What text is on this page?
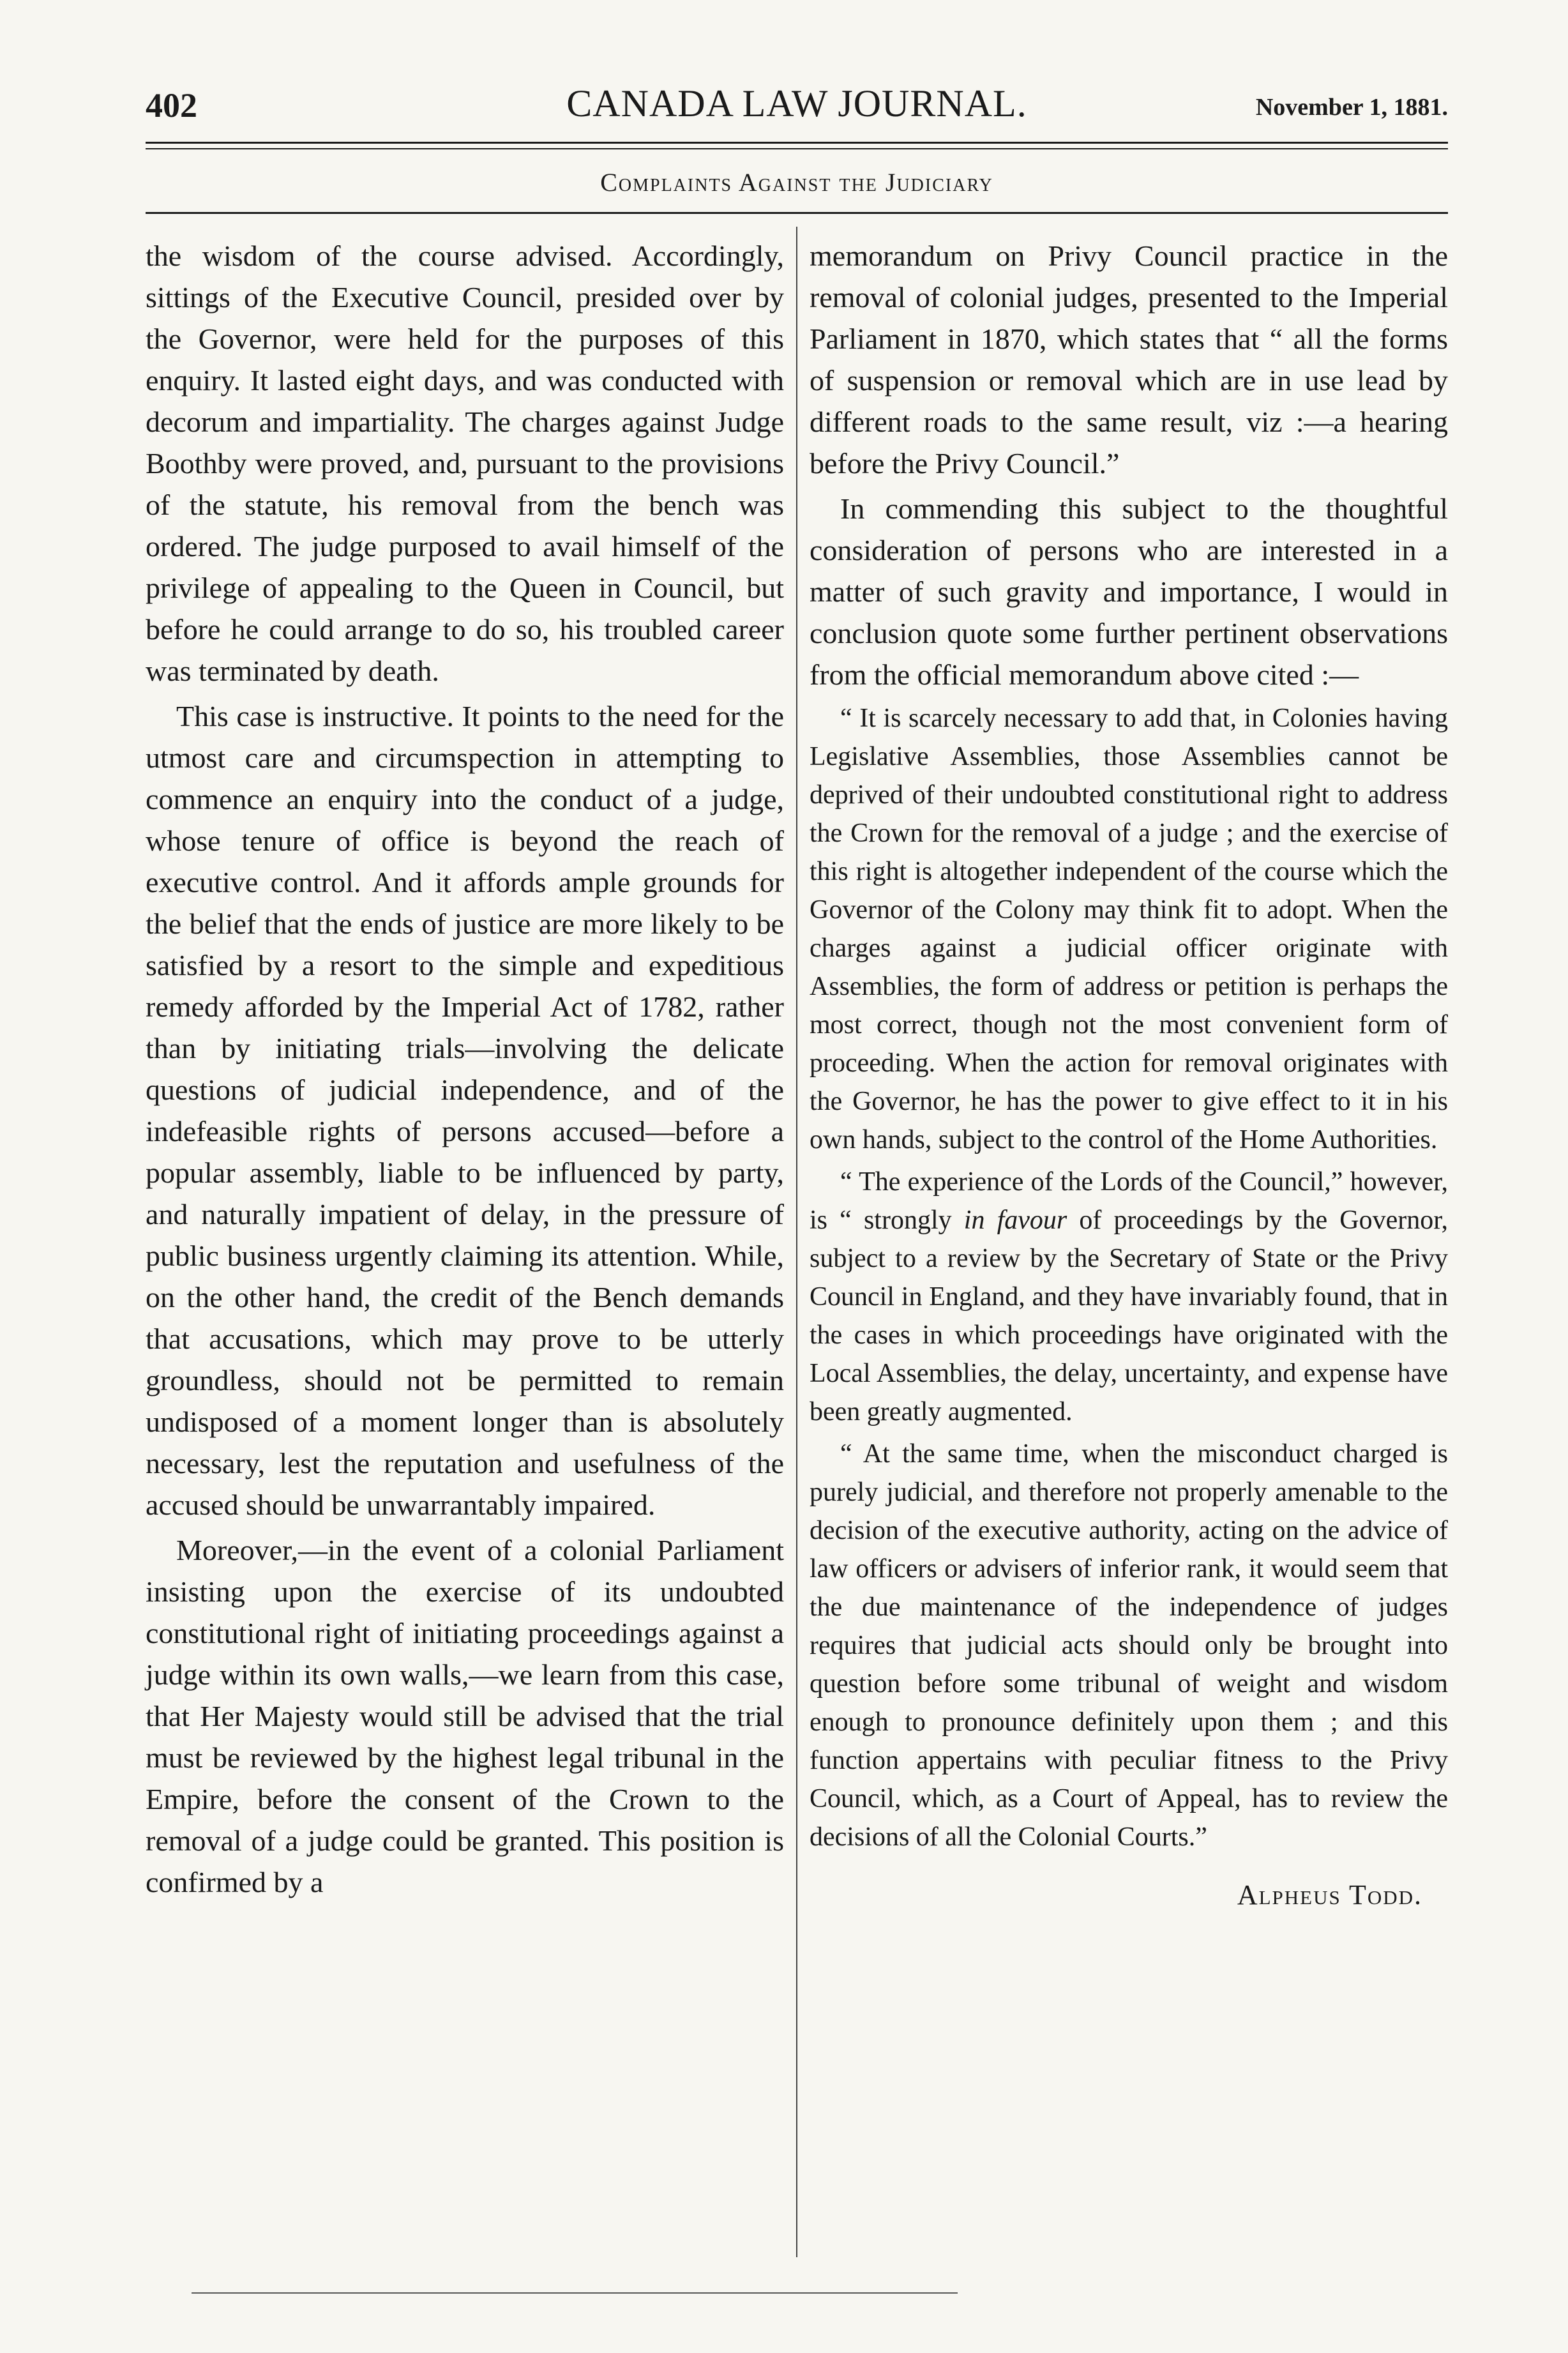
402	CANADA LAW JOURNAL.	November 1, 1881.
Complaints Against the Judiciary

the wisdom of the course advised. Accordingly, sittings of the Executive Council, presided over by the Governor, were held for the purposes of this enquiry. It lasted eight days, and was conducted with decorum and impartiality. The charges against Judge Boothby were proved, and, pursuant to the provisions of the statute, his removal from the bench was ordered. The judge purposed to avail himself of the privilege of appealing to the Queen in Council, but before he could arrange to do so, his troubled career was terminated by death.

This case is instructive. It points to the need for the utmost care and circumspection in attempting to commence an enquiry into the conduct of a judge, whose tenure of office is beyond the reach of executive control. And it affords ample grounds for the belief that the ends of justice are more likely to be satisfied by a resort to the simple and expeditious remedy afforded by the Imperial Act of 1782, rather than by initiating trials—involving the delicate questions of judicial independence, and of the indefeasible rights of persons accused—before a popular assembly, liable to be influenced by party, and naturally impatient of delay, in the pressure of public business urgently claiming its attention. While, on the other hand, the credit of the Bench demands that accusations, which may prove to be utterly groundless, should not be permitted to remain undisposed of a moment longer than is absolutely necessary, lest the reputation and usefulness of the accused should be unwarrantably impaired.

Moreover,—in the event of a colonial Parliament insisting upon the exercise of its undoubted constitutional right of initiating proceedings against a judge within its own walls,—we learn from this case, that Her Majesty would still be advised that the trial must be reviewed by the highest legal tribunal in the Empire, before the consent of the Crown to the removal of a judge could be granted. This position is confirmed by a

memorandum on Privy Council practice in the removal of colonial judges, presented to the Imperial Parliament in 1870, which states that “ all the forms of suspension or removal which are in use lead by different roads to the same result, viz :—a hearing before the Privy Council.”

In commending this subject to the thoughtful consideration of persons who are interested in a matter of such gravity and importance, I would in conclusion quote some further pertinent observations from the official memorandum above cited :—

“ It is scarcely necessary to add that, in Colonies having Legislative Assemblies, those Assemblies cannot be deprived of their undoubted constitutional right to address the Crown for the removal of a judge ; and the exercise of this right is altogether independent of the course which the Governor of the Colony may think fit to adopt. When the charges against a judicial officer originate with Assemblies, the form of address or petition is perhaps the most correct, though not the most convenient form of proceeding. When the action for removal originates with the Governor, he has the power to give effect to it in his own hands, subject to the control of the Home Authorities.

“ The experience of the Lords of the Council,” however, is “ strongly in favour of proceedings by the Governor, subject to a review by the Secretary of State or the Privy Council in England, and they have invariably found, that in the cases in which proceedings have originated with the Local Assemblies, the delay, uncertainty, and expense have been greatly augmented.

“ At the same time, when the misconduct charged is purely judicial, and therefore not properly amenable to the decision of the executive authority, acting on the advice of law officers or advisers of inferior rank, it would seem that the due maintenance of the independence of judges requires that judicial acts should only be brought into question before some tribunal of weight and wisdom enough to pronounce definitely upon them ; and this function appertains with peculiar fitness to the Privy Council, which, as a Court of Appeal, has to review the decisions of all the Colonial Courts.”

Alpheus Todd.
